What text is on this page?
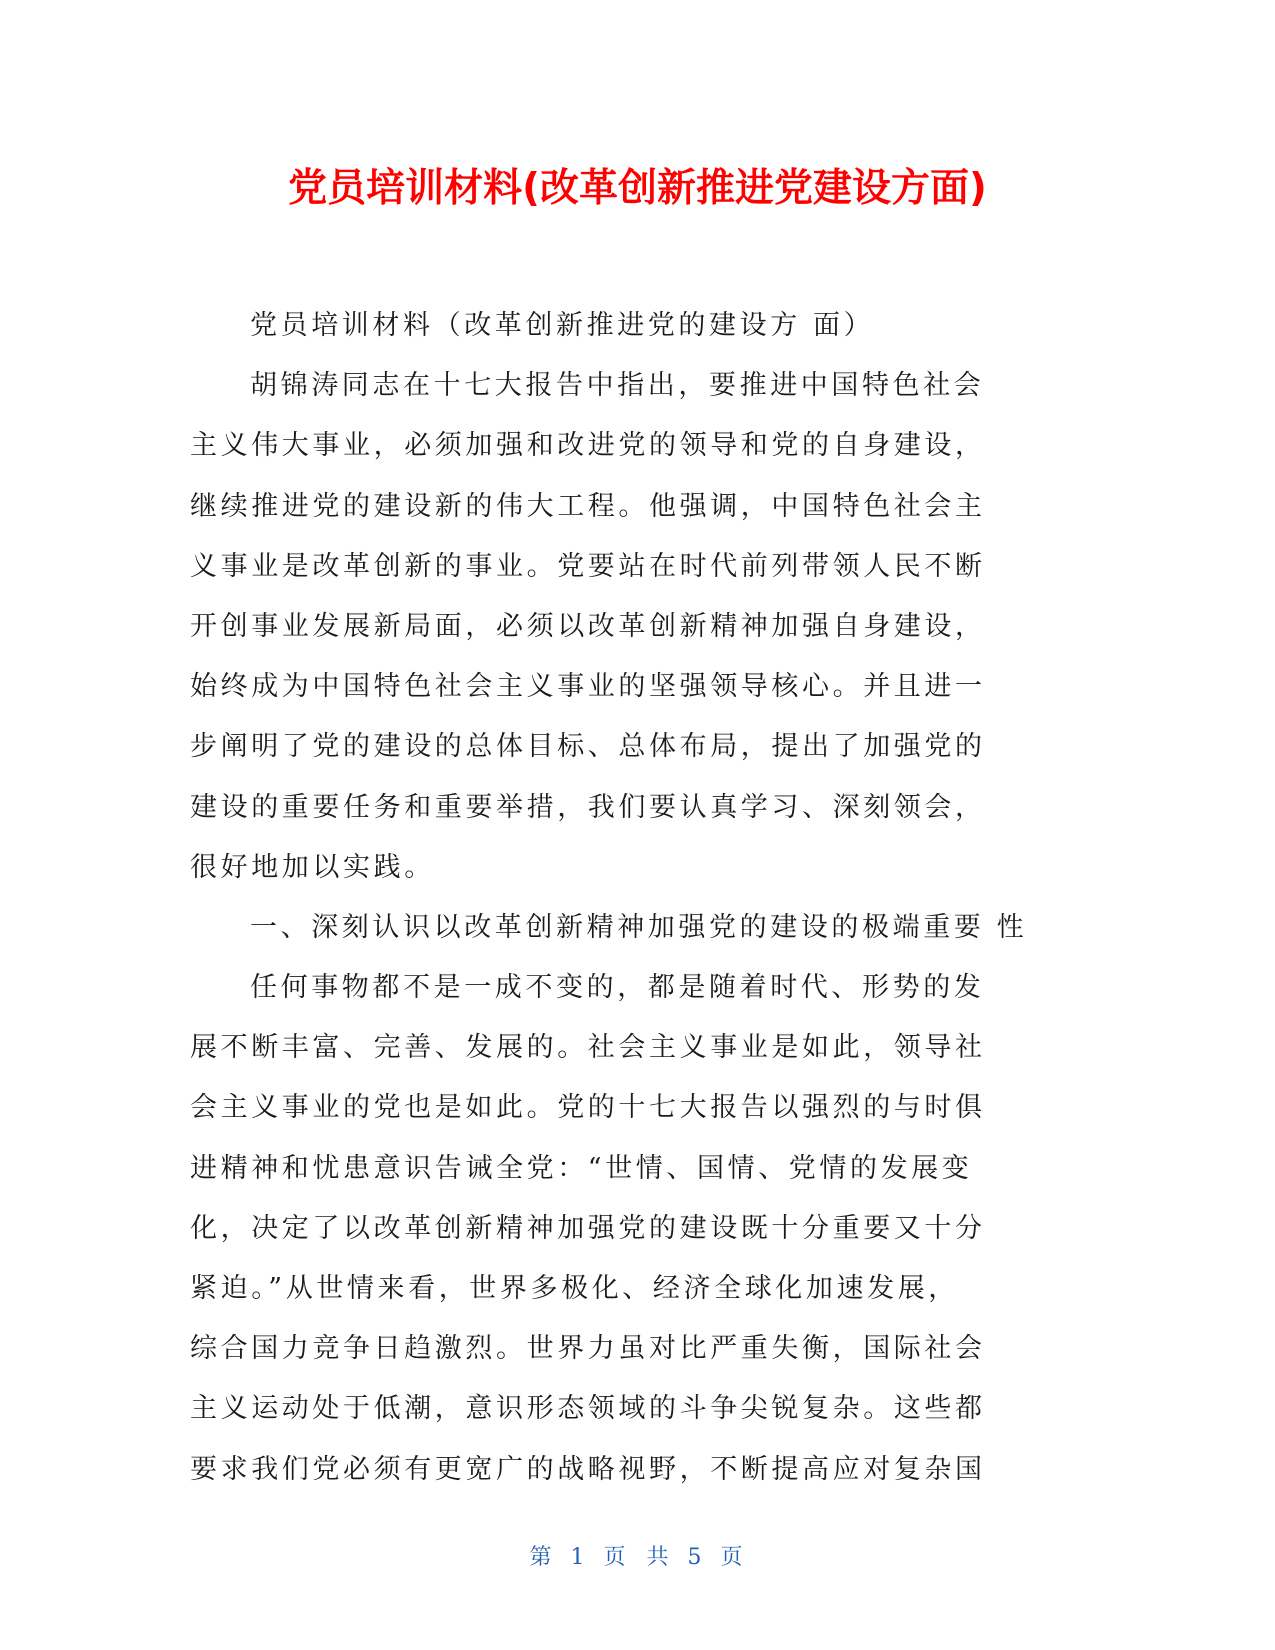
党员培训材料(改革创新推进党建设方面)

党员培训材料（改革创新推进党的建设方 面）

胡锦涛同志在十七大报告中指出，要推进中国特色社会

主义伟大事业，必须加强和改进党的领导和党的自身建设，

继续推进党的建设新的伟大工程。他强调，中国特色社会主

义事业是改革创新的事业。党要站在时代前列带领人民不断

开创事业发展新局面，必须以改革创新精神加强自身建设，

始终成为中国特色社会主义事业的坚强领导核心。并且进一

步阐明了党的建设的总体目标、总体布局，提出了加强党的

建设的重要任务和重要举措，我们要认真学习、深刻领会，

很好地加以实践。

一、深刻认识以改革创新精神加强党的建设的极端重要 性

任何事物都不是一成不变的，都是随着时代、形势的发

展不断丰富、完善、发展的。社会主义事业是如此，领导社

会主义事业的党也是如此。党的十七大报告以强烈的与时俱

进精神和忧患意识告诫全党：“世情、国情、党情的发展变

化，决定了以改革创新精神加强党的建设既十分重要又十分

紧迫。”从世情来看，世界多极化、经济全球化加速发展，

综合国力竞争日趋激烈。世界力虽对比严重失衡，国际社会

主义运动处于低潮，意识形态领域的斗争尖锐复杂。这些都

要求我们党必须有更宽广的战略视野，不断提高应对复杂国

第 1 页 共 5 页
